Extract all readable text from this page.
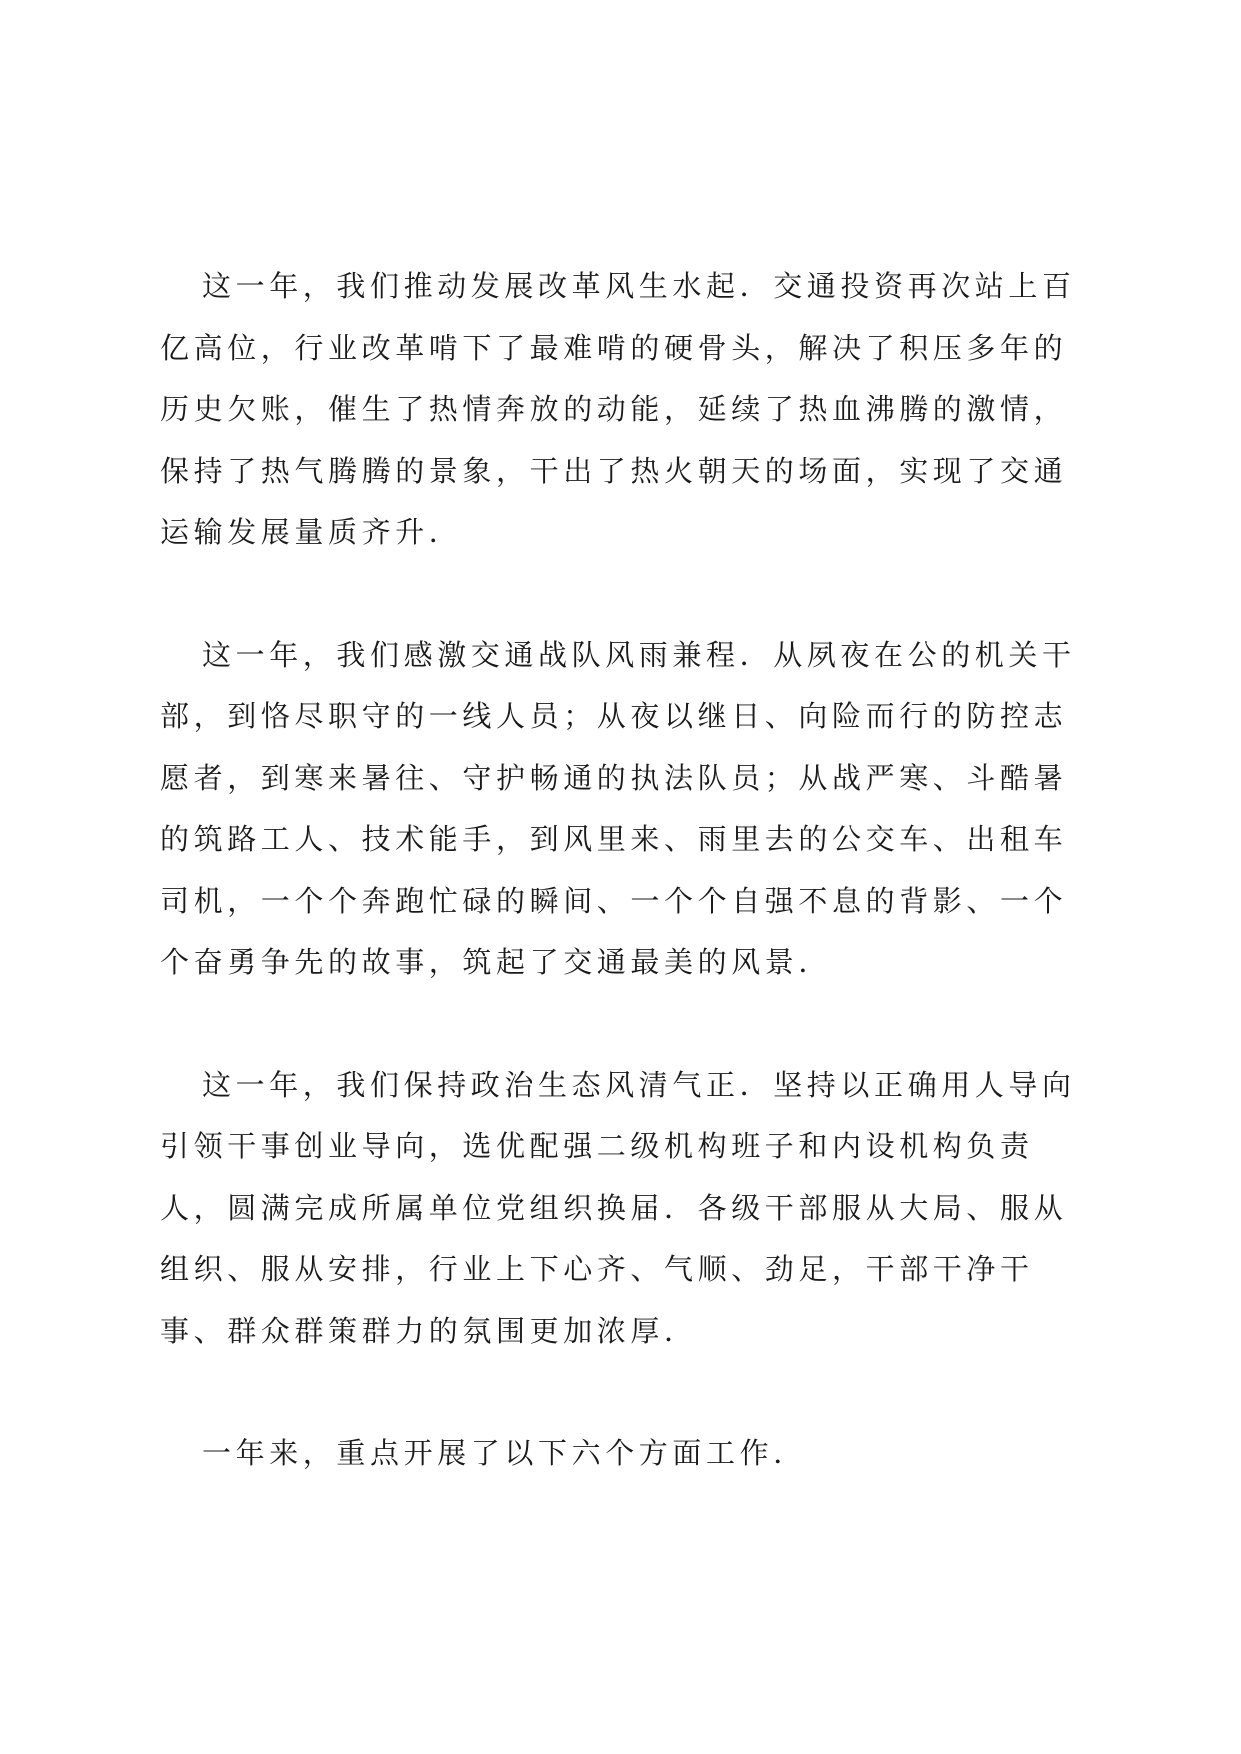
这一年，我们推动发展改革风生水起．交通投资再次站上百亿高位，行业改革啃下了最难啃的硬骨头，解决了积压多年的历史欠账，催生了热情奔放的动能，延续了热血沸腾的激情，保持了热气腾腾的景象，干出了热火朝天的场面，实现了交通运输发展量质齐升．

这一年，我们感激交通战队风雨兼程．从夙夜在公的机关干部，到恪尽职守的一线人员；从夜以继日、向险而行的防控志愿者，到寒来暑往、守护畅通的执法队员；从战严寒、斗酷暑的筑路工人、技术能手，到风里来、雨里去的公交车、出租车司机，一个个奔跑忙碌的瞬间、一个个自强不息的背影、一个个奋勇争先的故事，筑起了交通最美的风景．

这一年，我们保持政治生态风清气正．坚持以正确用人导向引领干事创业导向，选优配强二级机构班子和内设机构负责人，圆满完成所属单位党组织换届．各级干部服从大局、服从组织、服从安排，行业上下心齐、气顺、劲足，干部干净干事、群众群策群力的氛围更加浓厚．

一年来，重点开展了以下六个方面工作．
